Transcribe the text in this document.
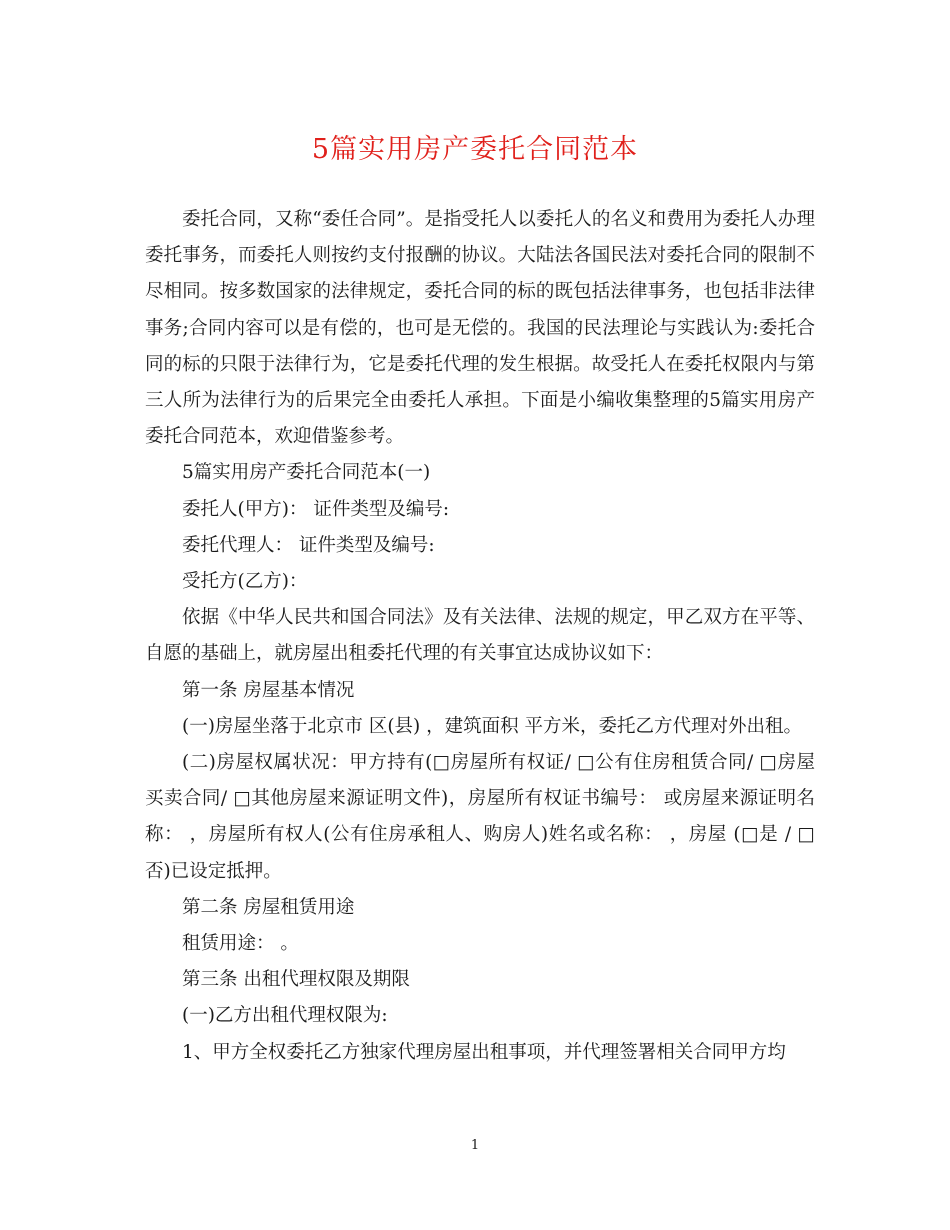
5篇实用房产委托合同范本

委托合同，又称“委任合同”。是指受托人以委托人的名义和费用为委托人办理委托事务，而委托人则按约支付报酬的协议。大陆法各国民法对委托合同的限制不尽相同。按多数国家的法律规定，委托合同的标的既包括法律事务，也包括非法律事务;合同内容可以是有偿的，也可是无偿的。我国的民法理论与实践认为:委托合同的标的只限于法律行为，它是委托代理的发生根据。故受托人在委托权限内与第三人所为法律行为的后果完全由委托人承担。下面是小编收集整理的5篇实用房产委托合同范本，欢迎借鉴参考。

5篇实用房产委托合同范本(一)

委托人(甲方)： 证件类型及编号:

委托代理人： 证件类型及编号:

受托方(乙方)：

依据《中华人民共和国合同法》及有关法律、法规的规定，甲乙双方在平等、自愿的基础上，就房屋出租委托代理的有关事宜达成协议如下：

第一条 房屋基本情况

(一)房屋坐落于北京市 区(县) ，建筑面积 平方米，委托乙方代理对外出租。

(二)房屋权属状况：甲方持有(□房屋所有权证/ □公有住房租赁合同/ □房屋买卖合同/ □其他房屋来源证明文件)，房屋所有权证书编号： 或房屋来源证明名称： ，房屋所有权人(公有住房承租人、购房人)姓名或名称： ，房屋 (□是 / □否)已设定抵押。

第二条 房屋租赁用途

租赁用途： 。

第三条 出租代理权限及期限

(一)乙方出租代理权限为:

1、甲方全权委托乙方独家代理房屋出租事项，并代理签署相关合同甲方均

1
